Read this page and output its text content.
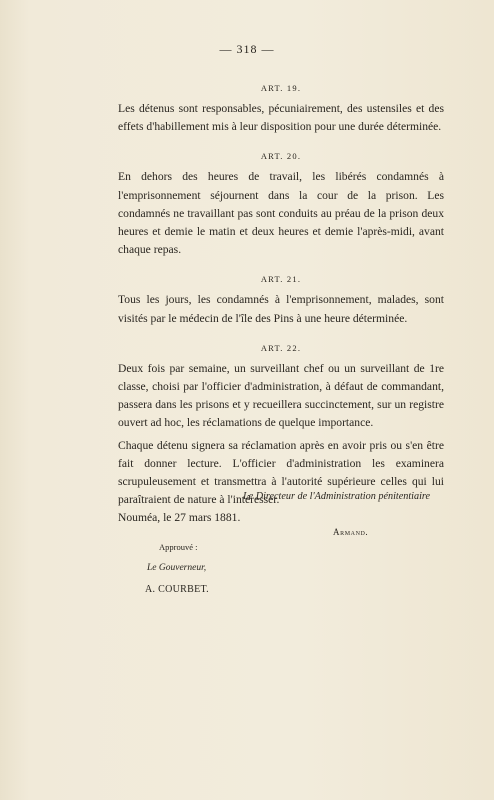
— 318 —
ART. 19.

Les détenus sont responsables, pécuniairement, des ustensiles et des effets d'habillement mis à leur disposition pour une durée déterminée.

ART. 20.

En dehors des heures de travail, les libérés condamnés à l'emprisonnement séjournent dans la cour de la prison. Les condamnés ne travaillant pas sont conduits au préau de la prison deux heures et demie le matin et deux heures et demie l'après-midi, avant chaque repas.

ART. 21.

Tous les jours, les condamnés à l'emprisonnement, malades, sont visités par le médecin de l'île des Pins à une heure déterminée.

ART. 22.

Deux fois par semaine, un surveillant chef ou un surveillant de 1re classe, choisi par l'officier d'administration, à défaut de commandant, passera dans les prisons et y recueillera succinctement, sur un registre ouvert ad hoc, les réclamations de quelque importance.

Chaque détenu signera sa réclamation après en avoir pris ou s'en être fait donner lecture. L'officier d'administration les examinera scrupuleusement et transmettra à l'autorité supérieure celles qui lui paraîtraient de nature à l'intéresser.

Nouméa, le 27 mars 1881.

Le Directeur de l'Administration pénitentiaire
Armand.
Approuvé :
Le Gouverneur,
A. COURBET.
